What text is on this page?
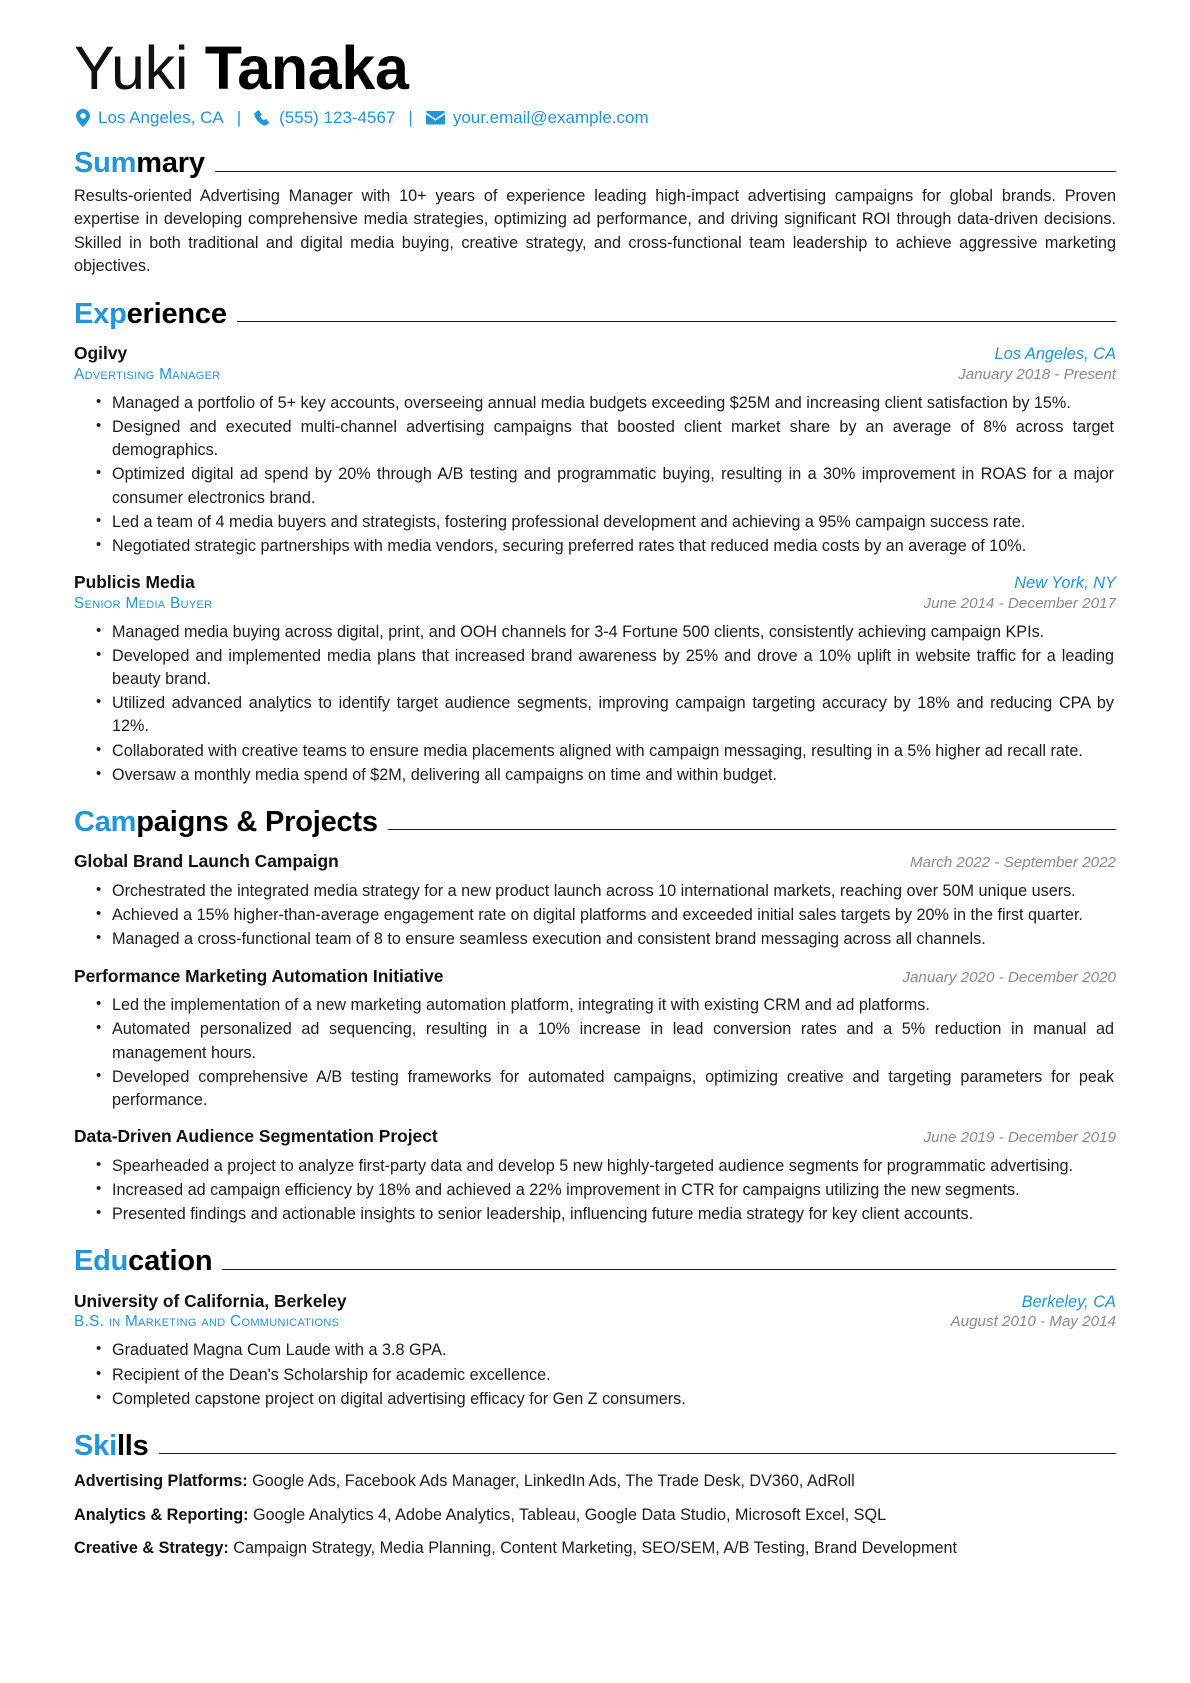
Yuki Tanaka
Los Angeles, CA | (555) 123-4567 | your.email@example.com
Summary

Results-oriented Advertising Manager with 10+ years of experience leading high-impact advertising campaigns for global brands. Proven expertise in developing comprehensive media strategies, optimizing ad performance, and driving significant ROI through data-driven decisions. Skilled in both traditional and digital media buying, creative strategy, and cross-functional team leadership to achieve aggressive marketing objectives.

Experience
Ogilvy	Los Angeles, CA
Advertising Manager	January 2018 - Present
• Managed a portfolio of 5+ key accounts, overseeing annual media budgets exceeding $25M and increasing client satisfaction by 15%.
• Designed and executed multi-channel advertising campaigns that boosted client market share by an average of 8% across target demographics.
• Optimized digital ad spend by 20% through A/B testing and programmatic buying, resulting in a 30% improvement in ROAS for a major consumer electronics brand.
• Led a team of 4 media buyers and strategists, fostering professional development and achieving a 95% campaign success rate.
• Negotiated strategic partnerships with media vendors, securing preferred rates that reduced media costs by an average of 10%.
Publicis Media	New York, NY
Senior Media Buyer	June 2014 - December 2017
• Managed media buying across digital, print, and OOH channels for 3-4 Fortune 500 clients, consistently achieving campaign KPIs.
• Developed and implemented media plans that increased brand awareness by 25% and drove a 10% uplift in website traffic for a leading beauty brand.
• Utilized advanced analytics to identify target audience segments, improving campaign targeting accuracy by 18% and reducing CPA by 12%.
• Collaborated with creative teams to ensure media placements aligned with campaign messaging, resulting in a 5% higher ad recall rate.
• Oversaw a monthly media spend of $2M, delivering all campaigns on time and within budget.
Campaigns & Projects
Global Brand Launch Campaign	March 2022 - September 2022
• Orchestrated the integrated media strategy for a new product launch across 10 international markets, reaching over 50M unique users.
• Achieved a 15% higher-than-average engagement rate on digital platforms and exceeded initial sales targets by 20% in the first quarter.
• Managed a cross-functional team of 8 to ensure seamless execution and consistent brand messaging across all channels.
Performance Marketing Automation Initiative	January 2020 - December 2020
• Led the implementation of a new marketing automation platform, integrating it with existing CRM and ad platforms.
• Automated personalized ad sequencing, resulting in a 10% increase in lead conversion rates and a 5% reduction in manual ad management hours.
• Developed comprehensive A/B testing frameworks for automated campaigns, optimizing creative and targeting parameters for peak performance.
Data-Driven Audience Segmentation Project	June 2019 - December 2019
• Spearheaded a project to analyze first-party data and develop 5 new highly-targeted audience segments for programmatic advertising.
• Increased ad campaign efficiency by 18% and achieved a 22% improvement in CTR for campaigns utilizing the new segments.
• Presented findings and actionable insights to senior leadership, influencing future media strategy for key client accounts.
Education
University of California, Berkeley	Berkeley, CA
B.S. in Marketing and Communications	August 2010 - May 2014
• Graduated Magna Cum Laude with a 3.8 GPA.
• Recipient of the Dean's Scholarship for academic excellence.
• Completed capstone project on digital advertising efficacy for Gen Z consumers.
Skills

Advertising Platforms: Google Ads, Facebook Ads Manager, LinkedIn Ads, The Trade Desk, DV360, AdRoll

Analytics & Reporting: Google Analytics 4, Adobe Analytics, Tableau, Google Data Studio, Microsoft Excel, SQL

Creative & Strategy: Campaign Strategy, Media Planning, Content Marketing, SEO/SEM, A/B Testing, Brand Development
